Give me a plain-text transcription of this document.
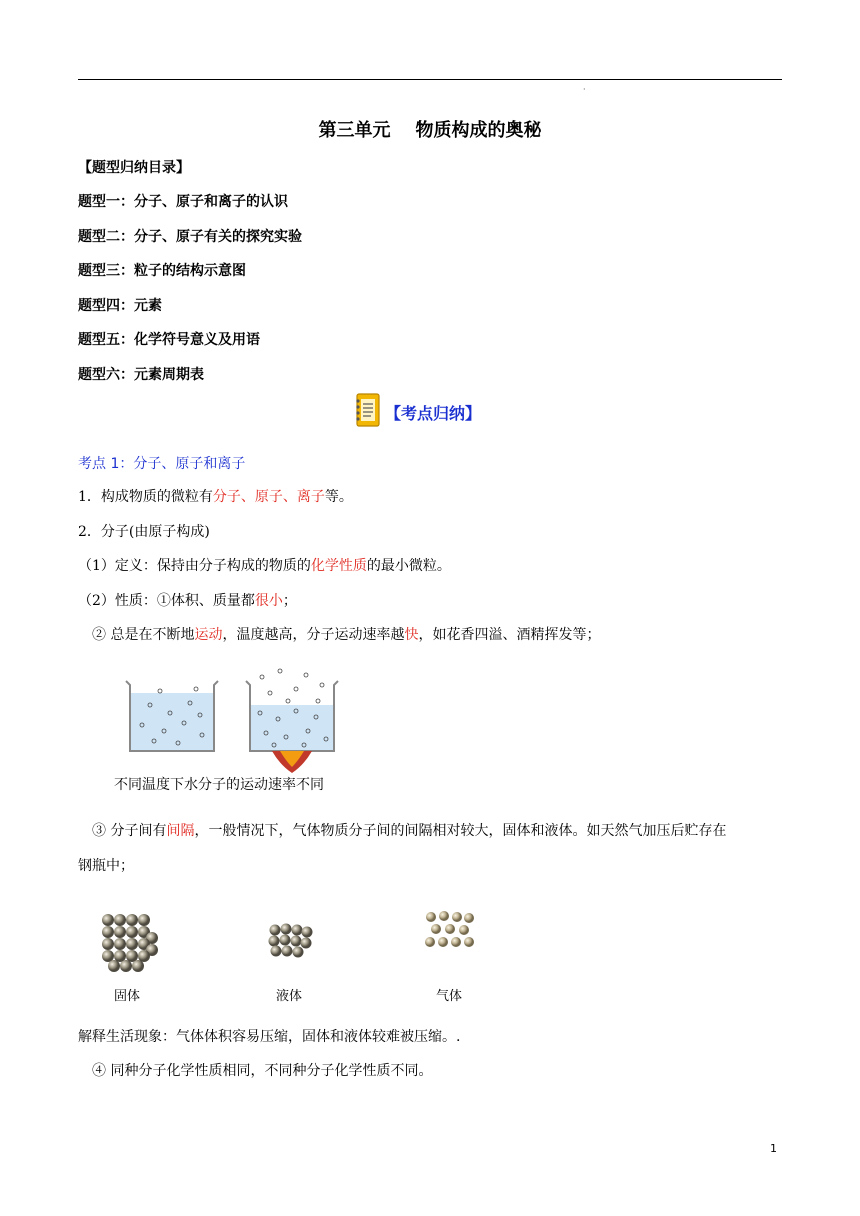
·
第三单元    物质构成的奥秘
【题型归纳目录】
题型一：分子、原子和离子的认识
题型二：分子、原子有关的探究实验
题型三：粒子的结构示意图
题型四：元素
题型五：化学符号意义及用语
题型六：元素周期表
【考点归纳】
考点 1：分子、原子和离子
1．构成物质的微粒有分子、原子、离子等。
2．分子(由原子构成)
（1）定义：保持由分子构成的物质的化学性质的最小微粒。
（2）性质：①体积、质量都很小；
② 总是在不断地运动，温度越高，分子运动速率越快，如花香四溢、酒精挥发等；
不同温度下水分子的运动速率不同
③ 分子间有间隔，一般情况下，气体物质分子间的间隔相对较大，固体和液体。如天然气加压后贮存在
钢瓶中；
固体	液体	气体
解释生活现象：气体体积容易压缩，固体和液体较难被压缩。.
④ 同种分子化学性质相同，不同种分子化学性质不同。
1
